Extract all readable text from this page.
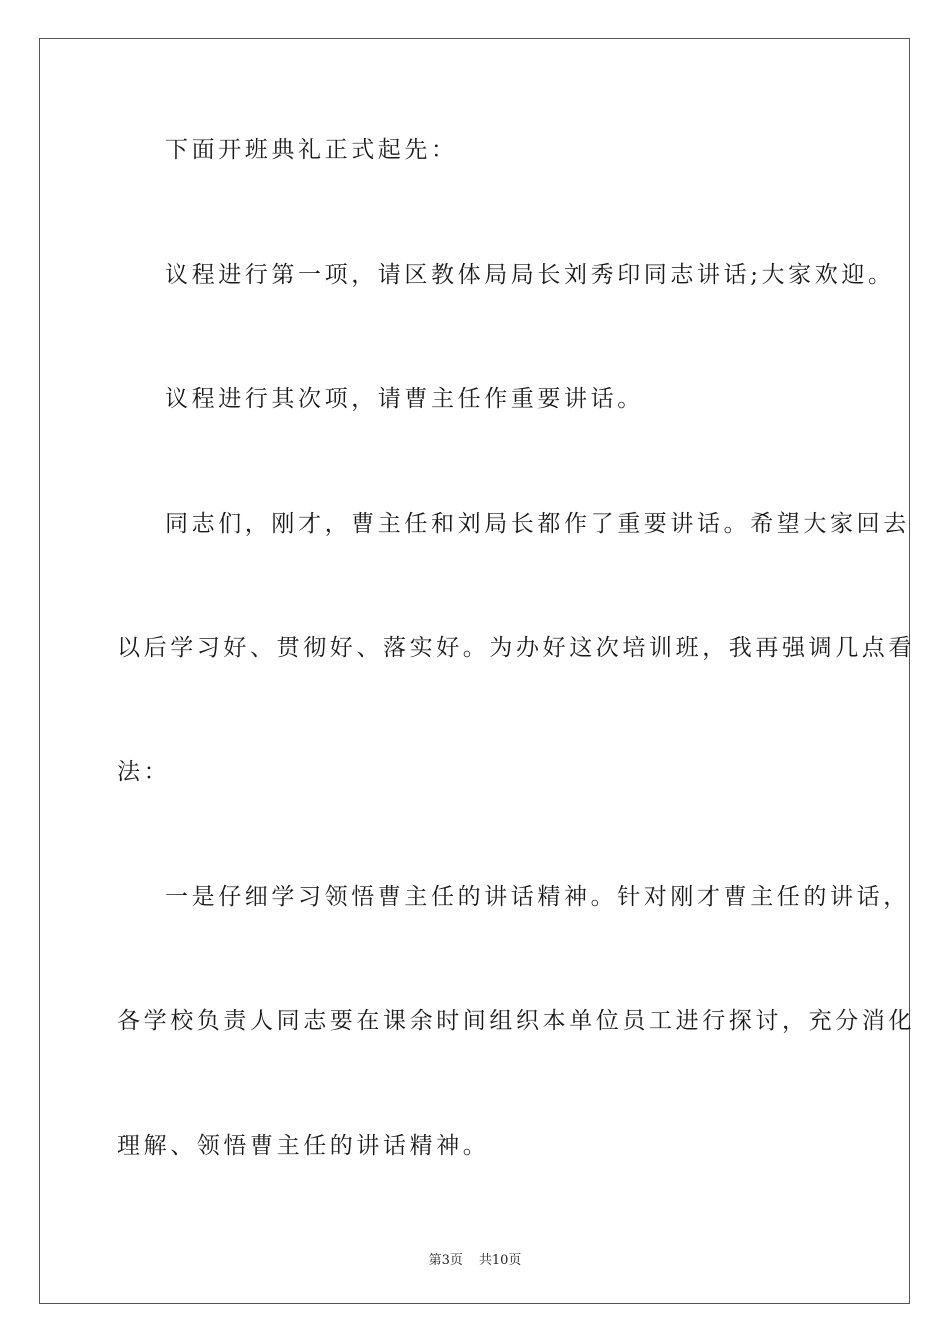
下面开班典礼正式起先：
议程进行第一项，请区教体局局长刘秀印同志讲话;大家欢迎。
议程进行其次项，请曹主任作重要讲话。
同志们，刚才，曹主任和刘局长都作了重要讲话。希望大家回去
以后学习好、贯彻好、落实好。为办好这次培训班，我再强调几点看
法：
一是仔细学习领悟曹主任的讲话精神。针对刚才曹主任的讲话，
各学校负责人同志要在课余时间组织本单位员工进行探讨，充分消化
理解、领悟曹主任的讲话精神。
第3页 共10页
